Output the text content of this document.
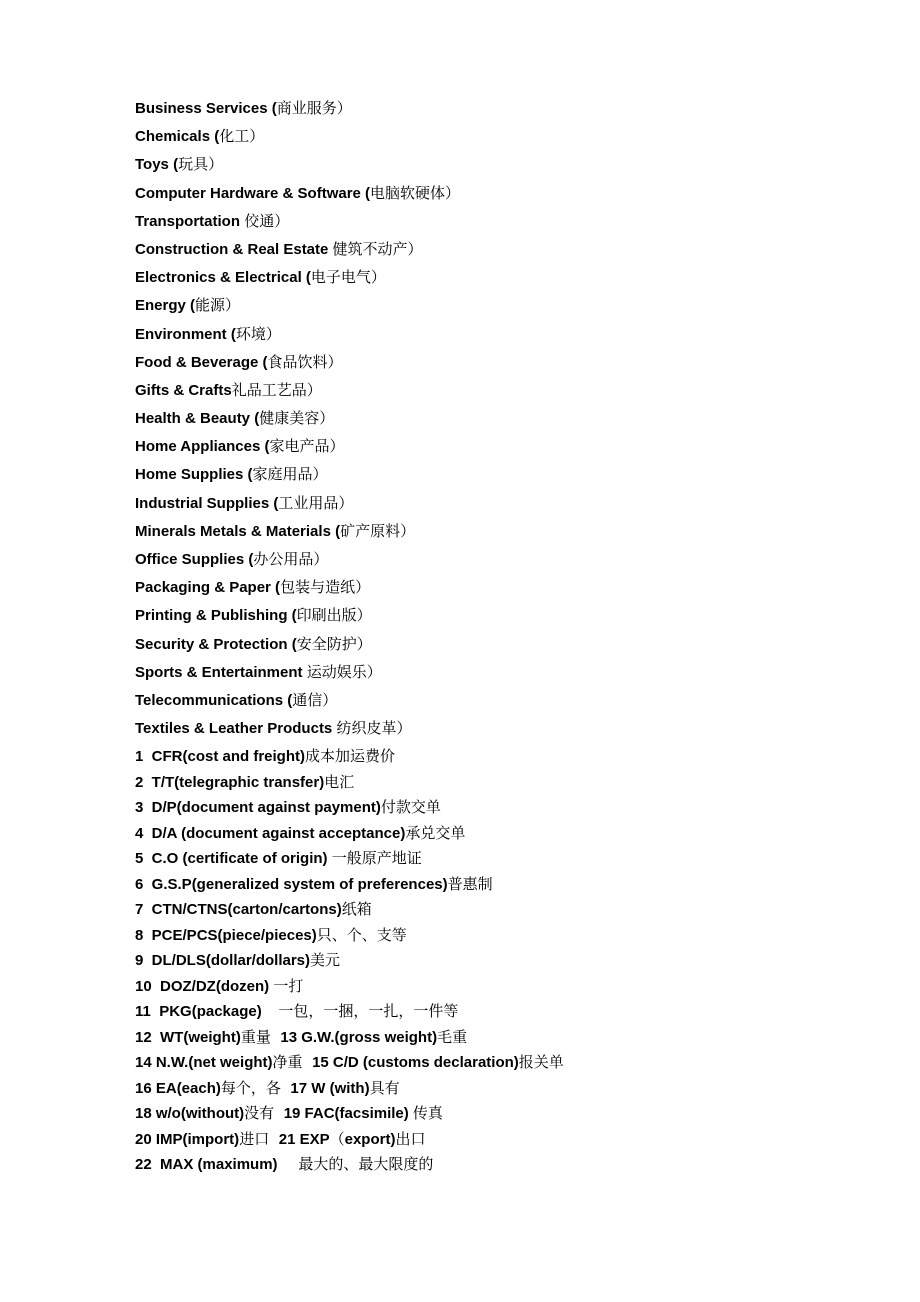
Business Services (商业服务）
Chemicals (化工）
Toys (玩具）
Computer Hardware & Software (电脑软硬体）
Transportation 佼通）
Construction & Real Estate 健筑不动产）
Electronics & Electrical (电子电气）
Energy (能源）
Environment (环境）
Food & Beverage (食品饮料）
Gifts & Crafts礼品工艺品）
Health & Beauty (健康美容）
Home Appliances (家电产品）
Home Supplies (家庭用品）
Industrial Supplies (工业用品）
Minerals Metals & Materials (矿产原料）
Office Supplies (办公用品）
Packaging & Paper (包装与造纸）
Printing & Publishing (印刷出版）
Security & Protection (安全防护）
Sports & Entertainment 运动娱乐）
Telecommunications (通信）
Textiles & Leather Products 纺织皮革）
1  CFR(cost and freight)成本加运费价
2  T/T(telegraphic transfer)电汇
3  D/P(document against payment)付款交单
4  D/A (document against acceptance)承兑交单
5  C.O (certificate of origin) 一般原产地证
6  G.S.P(generalized system of preferences)普惠制
7  CTN/CTNS(carton/cartons)纸箱
8  PCE/PCS(piece/pieces)只、个、支等
9  DL/DLS(dollar/dollars)美元
10  DOZ/DZ(dozen) 一打
11  PKG(package)    一包，一捆，一扎，一件等
12  WT(weight)重量  13 G.W.(gross weight)毛重
14 N.W.(net weight)净重  15 C/D (customs declaration)报关单
16 EA(each)每个，各  17 W (with)具有
18 w/o(without)没有  19 FAC(facsimile) 传真
20 IMP(import)进口  21 EXP（export)出口
22  MAX (maximum)     最大的、最大限度的
